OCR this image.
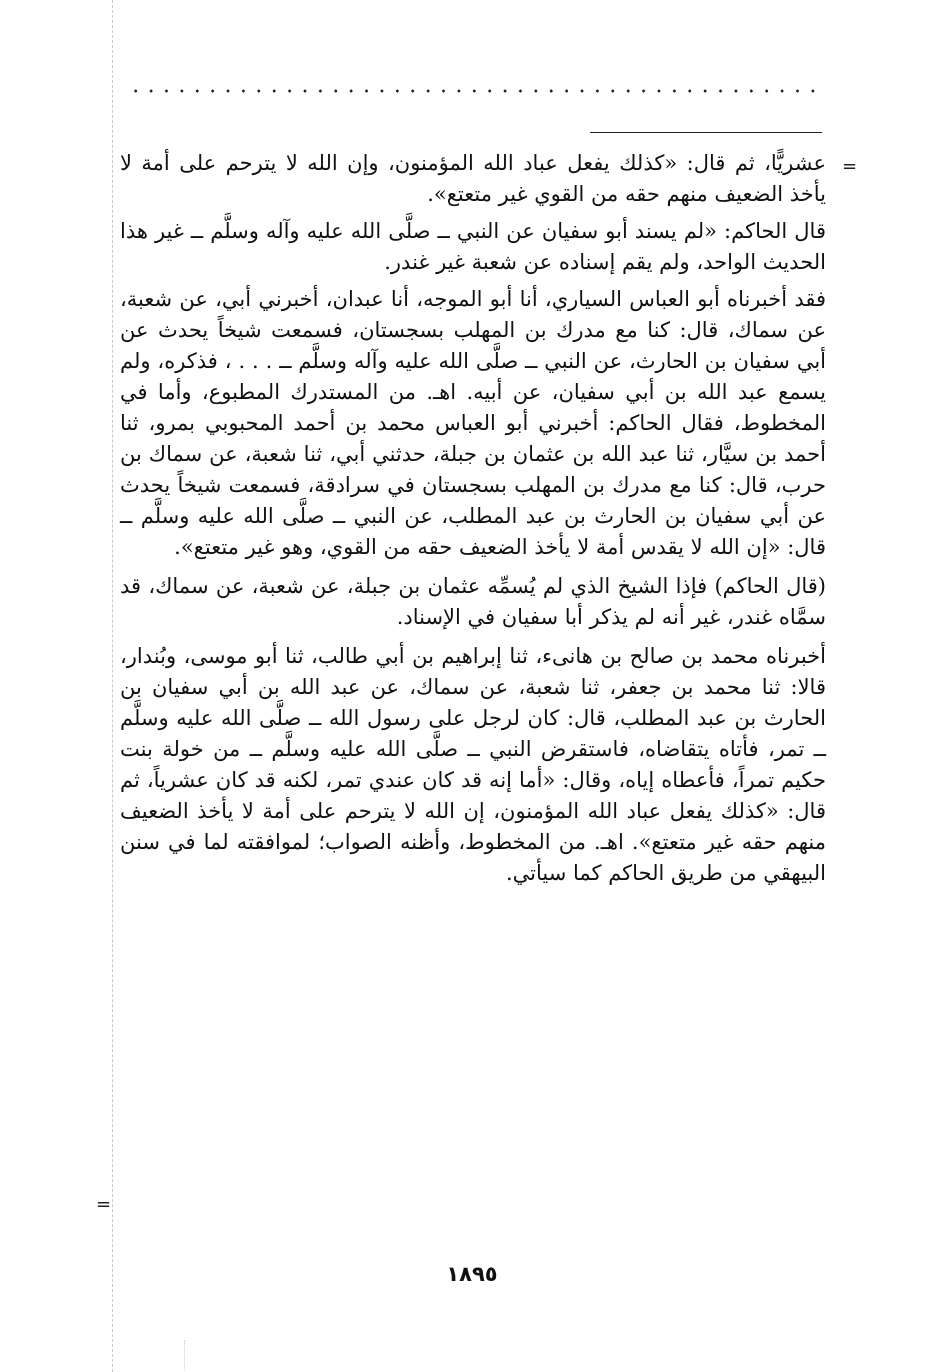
=

عشريًّا، ثم قال: «كذلك يفعل عباد الله المؤمنون، وإن الله لا يترحم على أمة لا يأخذ الضعيف منهم حقه من القوي غير متعتع».

قال الحاكم: «لم يسند أبو سفيان عن النبي ــ صلَّى الله عليه وآله وسلَّم ــ غير هذا الحديث الواحد، ولم يقم إسناده عن شعبة غير غندر.

فقد أخبرناه أبو العباس السياري، أنا أبو الموجه، أنا عبدان، أخبرني أبي، عن شعبة، عن سماك، قال: كنا مع مدرك بن المهلب بسجستان، فسمعت شيخاً يحدث عن أبي سفيان بن الحارث، عن النبي ــ صلَّى الله عليه وآله وسلَّم ــ . . . ، فذكره، ولم يسمع عبد الله بن أبي سفيان، عن أبيه. اهـ. من المستدرك المطبوع، وأما في المخطوط، فقال الحاكم: أخبرني أبو العباس محمد بن أحمد المحبوبي بمرو، ثنا أحمد بن سيَّار، ثنا عبد الله بن عثمان بن جبلة، حدثني أبي، ثنا شعبة، عن سماك بن حرب، قال: كنا مع مدرك بن المهلب بسجستان في سرادقة، فسمعت شيخاً يحدث عن أبي سفيان بن الحارث بن عبد المطلب، عن النبي ــ صلَّى الله عليه وسلَّم ــ قال: «إن الله لا يقدس أمة لا يأخذ الضعيف حقه من القوي، وهو غير متعتع».

(قال الحاكم) فإذا الشيخ الذي لم يُسمِّه عثمان بن جبلة، عن شعبة، عن سماك، قد سمَّاه غندر، غير أنه لم يذكر أبا سفيان في الإسناد.

أخبرناه محمد بن صالح بن هانىء، ثنا إبراهيم بن أبي طالب، ثنا أبو موسى، وبُندار، قالا: ثنا محمد بن جعفر، ثنا شعبة، عن سماك، عن عبد الله بن أبي سفيان بن الحارث بن عبد المطلب، قال: كان لرجل على رسول الله ــ صلَّى الله عليه وسلَّم ــ تمر، فأتاه يتقاضاه، فاستقرض النبي ــ صلَّى الله عليه وسلَّم ــ من خولة بنت حكيم تمراً، فأعطاه إياه، وقال: «أما إنه قد كان عندي تمر، لكنه قد كان عشرياً، ثم قال: «كذلك يفعل عباد الله المؤمنون، إن الله لا يترحم على أمة لا يأخذ الضعيف منهم حقه غير متعتع». اهـ. من المخطوط، وأظنه الصواب؛ لموافقته لما في سنن البيهقي من طريق الحاكم كما سيأتي.

=
١٨٩٥
